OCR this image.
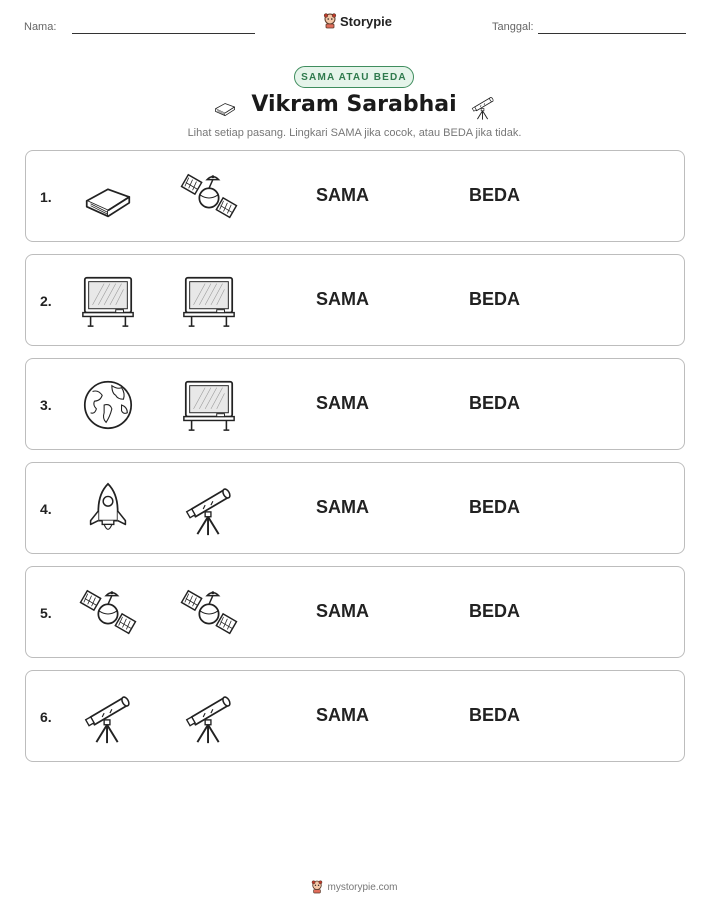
Nama:	Storypie	Tanggal:
SAMA ATAU BEDA
Vikram Sarabhai
Lihat setiap pasang. Lingkari SAMA jika cocok, atau BEDA jika tidak.
1.	SAMA	BEDA
2.	SAMA	BEDA
3.	SAMA	BEDA
4.	SAMA	BEDA
5.	SAMA	BEDA
6.	SAMA	BEDA
mystorypie.com
